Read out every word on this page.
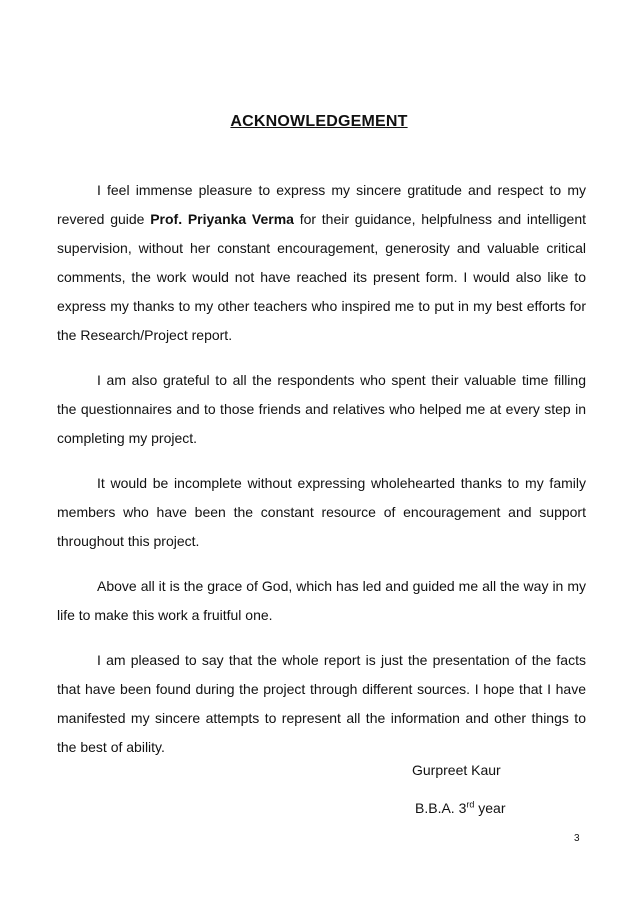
ACKNOWLEDGEMENT

I feel immense pleasure to express my sincere gratitude and respect to my revered guide Prof. Priyanka Verma for their guidance, helpfulness and intelligent supervision, without her constant encouragement, generosity and valuable critical comments, the work would not have reached its present form. I would also like to express my thanks to my other teachers who inspired me to put in my best efforts for the Research/Project report.

I am also grateful to all the respondents who spent their valuable time filling the questionnaires and to those friends and relatives who helped me at every step in completing my project.

It would be incomplete without expressing wholehearted thanks to my family members who have been the constant resource of encouragement and support throughout this project.

Above all it is the grace of God, which has led and guided me all the way in my life to make this work a fruitful one.

I am pleased to say that the whole report is just the presentation of the facts that have been found during the project through different sources. I hope that I have manifested my sincere attempts to represent all the information and other things to the best of ability.

Gurpreet Kaur

B.B.A. 3rd year

3
